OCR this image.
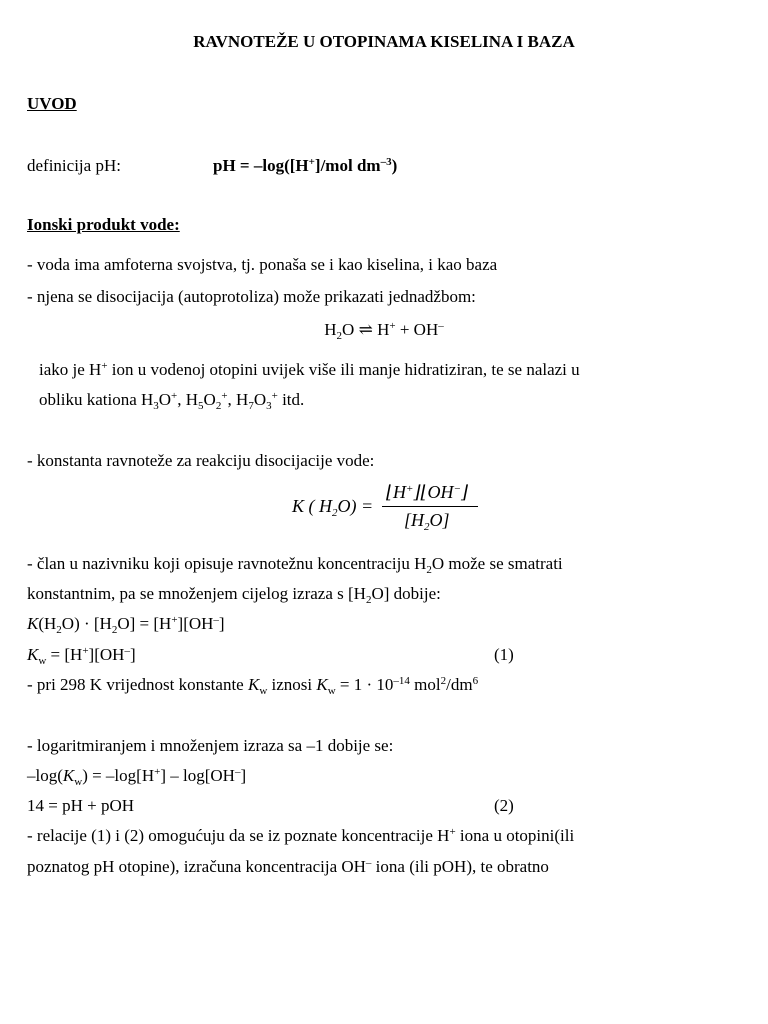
RAVNOTEŽE U OTOPINAMA KISELINA I BAZA
UVOD
definicija pH:	pH = –log([H+]/mol $dm^{-3}$)
Ionski produkt vode:
- voda ima amfoterna svojstva, tj. ponaša se i kao kiselina, i kao baza
- njena se disocijacija (autoprotoliza) može prikazati jednadžbom:
$H_2O$ ⇌ H+ + OH–
iako je H+ ion u vodenoj otopini uvijek više ili manje hidratiziran, te se nalazi u
obliku kationa $H_3O^+$, $H_5O_2^+$, $H_7O_3^+$ itd.
- konstanta ravnoteže za reakciju disocijacije vode:
K ( $H_2O$) =
⌊H+⌋⌊OH−⌋
$[H_2O]$
- član u nazivniku koji opisuje ravnotežnu koncentraciju $H_2O$ može se smatrati
konstantnim, pa se množenjem cijelog izraza s $[H_2O]$ dobije:
$K(H_2O) \cdot [H_2O] = [H^+][OH^-]$
$K_w = [H^+][OH^-]$	(1)
- pri 298 K vrijednost konstante $K_w$ iznosi $K_w = 1 \cdot 10^{-14}$ $mol^2/dm^6$
- logaritmiranjem i množenjem izraza sa –1 dobije se:
$-\log(K_w) = -\log[H^+] - \log[OH^-]$
14 = pH + pOH	(2)
- relacije (1) i (2) omogućuju da se iz poznate koncentracije H+ iona u otopini(ili
poznatog pH otopine), izračuna koncentracija OH– iona (ili pOH), te obratno
